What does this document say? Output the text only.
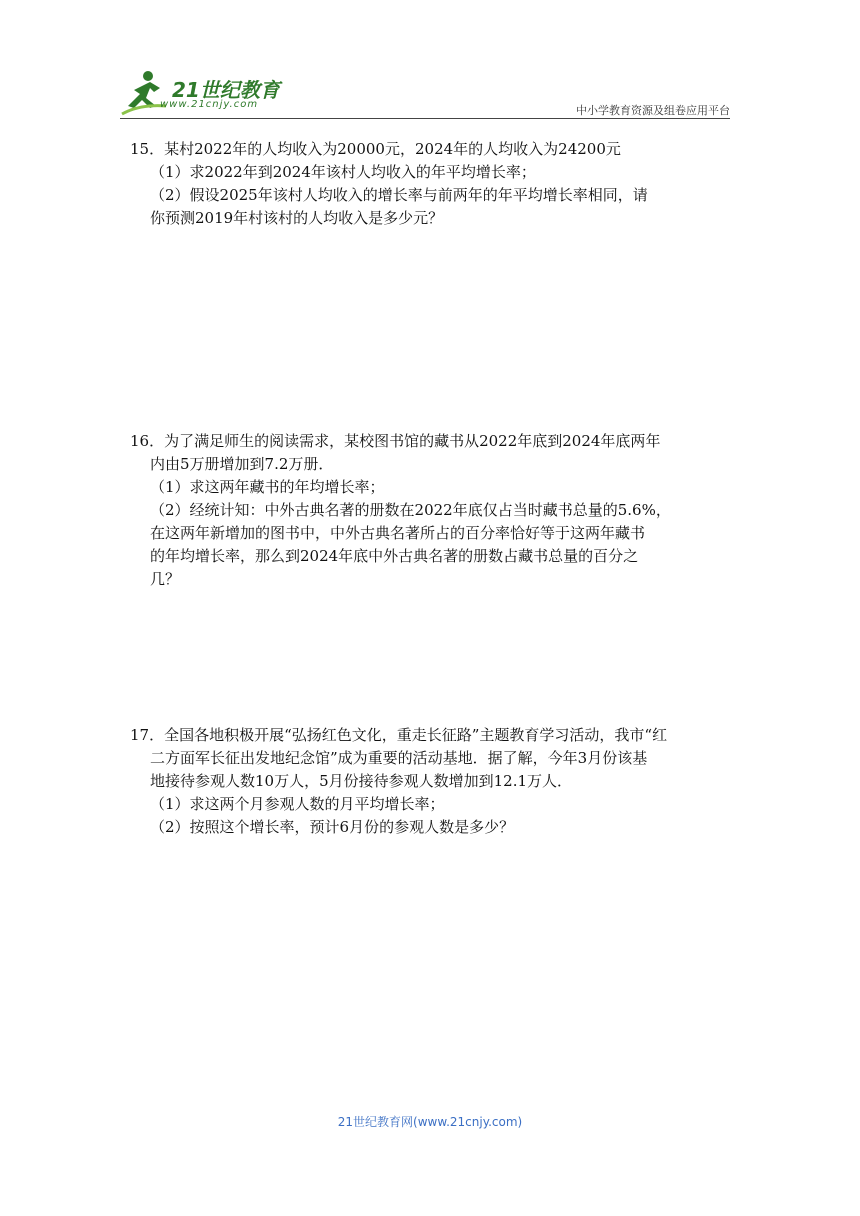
21世纪教育
www.21cnjy.com	中小学教育资源及组卷应用平台

15．某村2022年的人均收入为20000元，2024年的人均收入为24200元

（1）求2022年到2024年该村人均收入的年平均增长率；

（2）假设2025年该村人均收入的增长率与前两年的年平均增长率相同，请

你预测2019年村该村的人均收入是多少元？

16．为了满足师生的阅读需求，某校图书馆的藏书从2022年底到2024年底两年

内由5万册增加到7.2万册．

（1）求这两年藏书的年均增长率；

（2）经统计知：中外古典名著的册数在2022年底仅占当时藏书总量的5.6%，

在这两年新增加的图书中，中外古典名著所占的百分率恰好等于这两年藏书

的年均增长率，那么到2024年底中外古典名著的册数占藏书总量的百分之

几？

17．全国各地积极开展“弘扬红色文化，重走长征路”主题教育学习活动，我市“红

二方面军长征出发地纪念馆”成为重要的活动基地．据了解，今年3月份该基

地接待参观人数10万人，5月份接待参观人数增加到12.1万人．

（1）求这两个月参观人数的月平均增长率；

（2）按照这个增长率，预计6月份的参观人数是多少？

21世纪教育网(www.21cnjy.com)
